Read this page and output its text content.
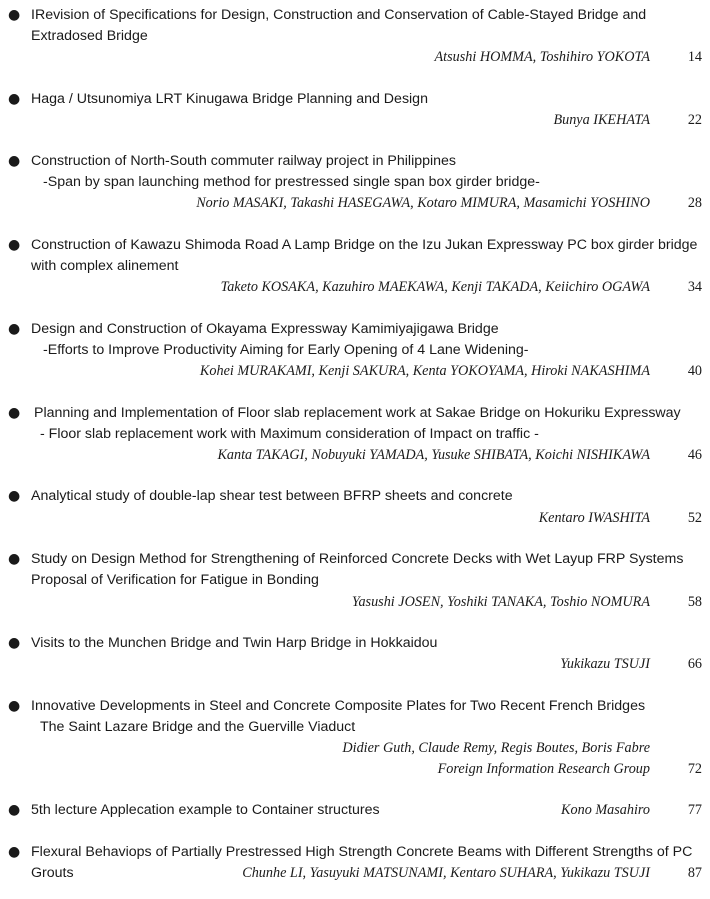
● IRevision of Specifications for Design, Construction and Conservation of Cable-Stayed Bridge and
Extradosed Bridge
Atsushi HOMMA, Toshihiro YOKOTA	14
● Haga / Utsunomiya LRT Kinugawa Bridge Planning and Design
Bunya IKEHATA	22
● Construction of North-South commuter railway project in Philippines
-Span by span launching method for prestressed single span box girder bridge-
Norio MASAKI, Takashi HASEGAWA, Kotaro MIMURA, Masamichi YOSHINO	28
● Construction of Kawazu Shimoda Road A Lamp Bridge on the Izu Jukan Expressway PC box girder bridge
with complex alinement
Taketo KOSAKA, Kazuhiro MAEKAWA, Kenji TAKADA, Keiichiro OGAWA	34
● Design and Construction of Okayama Expressway Kamimiyajigawa Bridge
-Efforts to Improve Productivity Aiming for Early Opening of 4 Lane Widening-
Kohei MURAKAMI, Kenji SAKURA, Kenta YOKOYAMA, Hiroki NAKASHIMA	40
● Planning and Implementation of Floor slab replacement work at Sakae Bridge on Hokuriku Expressway
- Floor slab replacement work with Maximum consideration of Impact on traffic -
Kanta TAKAGI, Nobuyuki YAMADA, Yusuke SHIBATA, Koichi NISHIKAWA	46
● Analytical study of double-lap shear test between BFRP sheets and concrete
Kentaro IWASHITA	52
● Study on Design Method for Strengthening of Reinforced Concrete Decks with Wet Layup FRP Systems
Proposal of Verification for Fatigue in Bonding
Yasushi JOSEN, Yoshiki TANAKA, Toshio NOMURA	58
● Visits to the Munchen Bridge and Twin Harp Bridge in Hokkaidou
Yukikazu TSUJI	66
● Innovative Developments in Steel and Concrete Composite Plates for Two Recent French Bridges
The Saint Lazare Bridge and the Guerville Viaduct
Didier Guth, Claude Remy, Regis Boutes, Boris Fabre
Foreign Information Research Group	72
● 5th lecture Applecation example to Container structures	Kono Masahiro	77
● Flexural Behaviops of Partially Prestressed High Strength Concrete Beams with Different Strengths of PC
Grouts	Chunhe LI, Yasuyuki MATSUNAMI, Kentaro SUHARA, Yukikazu TSUJI	87
